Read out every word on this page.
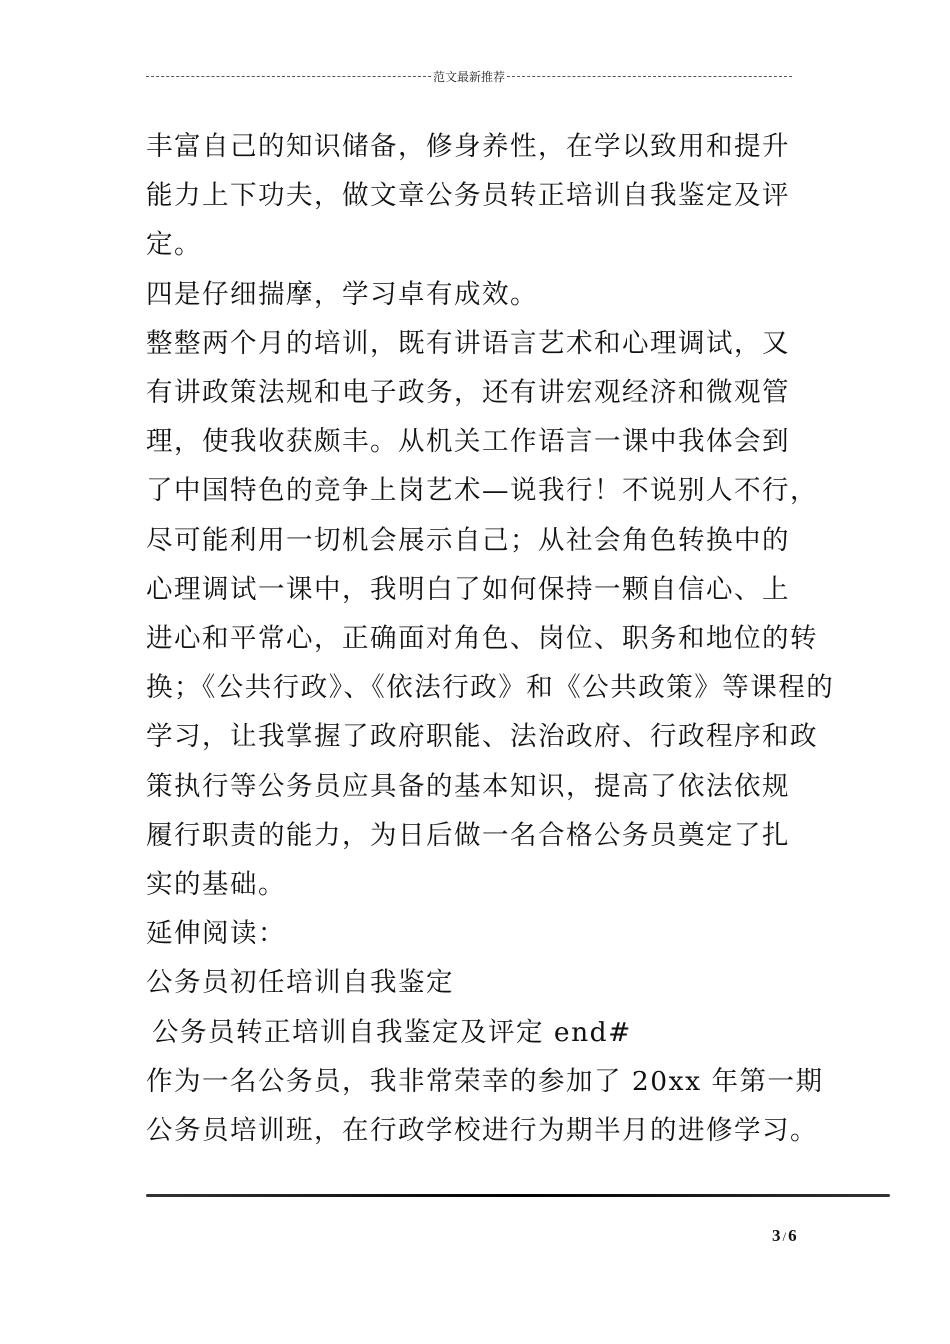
范文最新推荐

丰富自己的知识储备，修身养性，在学以致用和提升

能力上下功夫，做文章公务员转正培训自我鉴定及评

定。

四是仔细揣摩，学习卓有成效。

整整两个月的培训，既有讲语言艺术和心理调试，又

有讲政策法规和电子政务，还有讲宏观经济和微观管

理，使我收获颇丰。从机关工作语言一课中我体会到

了中国特色的竞争上岗艺术—说我行！不说别人不行，

尽可能利用一切机会展示自己；从社会角色转换中的

心理调试一课中，我明白了如何保持一颗自信心、上

进心和平常心，正确面对角色、岗位、职务和地位的转

换；《公共行政》、《依法行政》和《公共政策》等课程的

学习，让我掌握了政府职能、法治政府、行政程序和政

策执行等公务员应具备的基本知识，提高了依法依规

履行职责的能力，为日后做一名合格公务员奠定了扎

实的基础。

延伸阅读：

公务员初任培训自我鉴定

公务员转正培训自我鉴定及评定 end#

作为一名公务员，我非常荣幸的参加了 20xx 年第一期

公务员培训班，在行政学校进行为期半月的进修学习。

3 / 6
